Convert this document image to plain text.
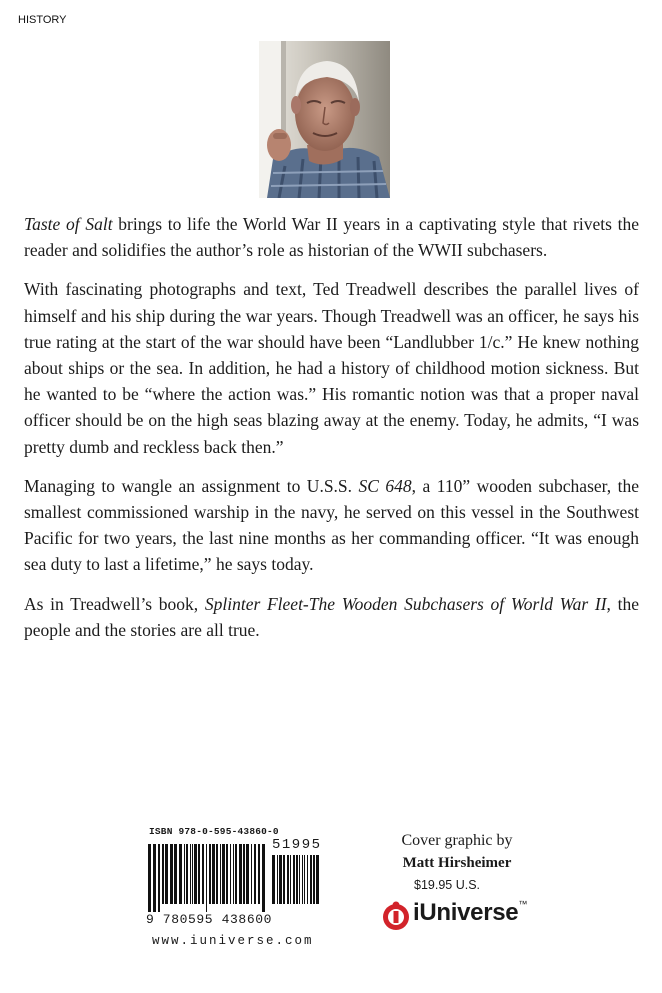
HISTORY

Taste of Salt brings to life the World War II years in a captivating style that rivets the reader and solidifies the author’s role as historian of the WWII subchasers.

With fascinating photographs and text, Ted Treadwell describes the parallel lives of himself and his ship during the war years. Though Treadwell was an officer, he says his true rating at the start of the war should have been “Landlubber 1/c.” He knew nothing about ships or the sea. In addition, he had a history of childhood motion sickness. But he wanted to be “where the action was.” His romantic notion was that a proper naval officer should be on the high seas blazing away at the enemy. Today, he admits, “I was pretty dumb and reckless back then.”

Managing to wangle an assignment to U.S.S. SC 648, a 110” wooden subchaser, the smallest commissioned warship in the navy, he served on this vessel in the Southwest Pacific for two years, the last nine months as her commanding officer. “It was enough sea duty to last a lifetime,” he says today.

As in Treadwell’s book, Splinter Fleet-The Wooden Subchasers of World War II, the people and the stories are all true.

ISBN 978-0-595-43860-0
51995
9 780595 438600
www.iuniverse.com
Cover graphic by
Matt Hirsheimer
$19.95 U.S.
iUniverse™
